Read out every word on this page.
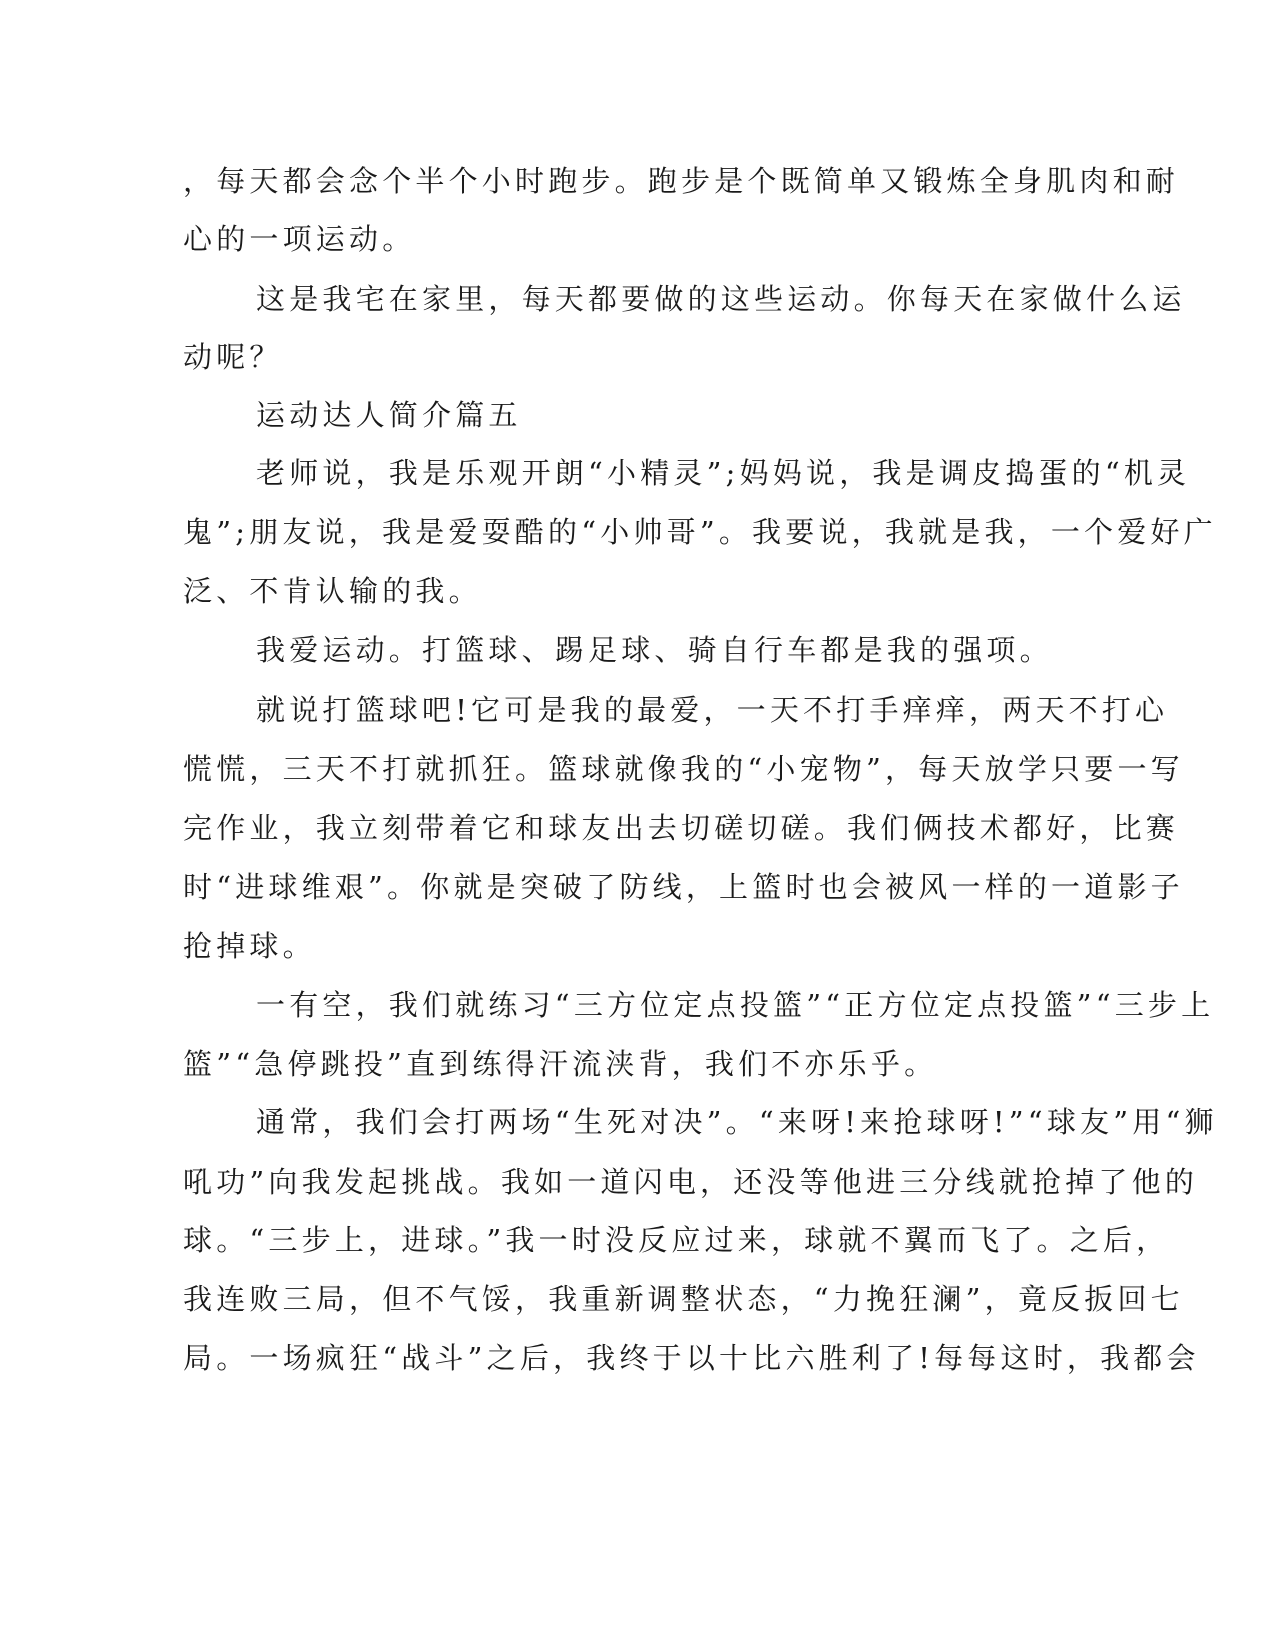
，每天都会念个半个小时跑步。跑步是个既简单又锻炼全身肌肉和耐
心的一项运动。
这是我宅在家里，每天都要做的这些运动。你每天在家做什么运
动呢？
运动达人简介篇五
老师说，我是乐观开朗“小精灵”;妈妈说，我是调皮捣蛋的“机灵
鬼”;朋友说，我是爱耍酷的“小帅哥”。我要说，我就是我，一个爱好广
泛、不肯认输的我。
我爱运动。打篮球、踢足球、骑自行车都是我的强项。
就说打篮球吧!它可是我的最爱，一天不打手痒痒，两天不打心
慌慌，三天不打就抓狂。篮球就像我的“小宠物”，每天放学只要一写
完作业，我立刻带着它和球友出去切磋切磋。我们俩技术都好，比赛
时“进球维艰”。你就是突破了防线，上篮时也会被风一样的一道影子
抢掉球。
一有空，我们就练习“三方位定点投篮”“正方位定点投篮”“三步上
篮”“急停跳投”直到练得汗流浃背，我们不亦乐乎。
通常，我们会打两场“生死对决”。“来呀!来抢球呀!”“球友”用“狮
吼功”向我发起挑战。我如一道闪电，还没等他进三分线就抢掉了他的
球。“三步上，进球。”我一时没反应过来，球就不翼而飞了。之后，
我连败三局，但不气馁，我重新调整状态，“力挽狂澜”，竟反扳回七
局。一场疯狂“战斗”之后，我终于以十比六胜利了!每每这时，我都会
